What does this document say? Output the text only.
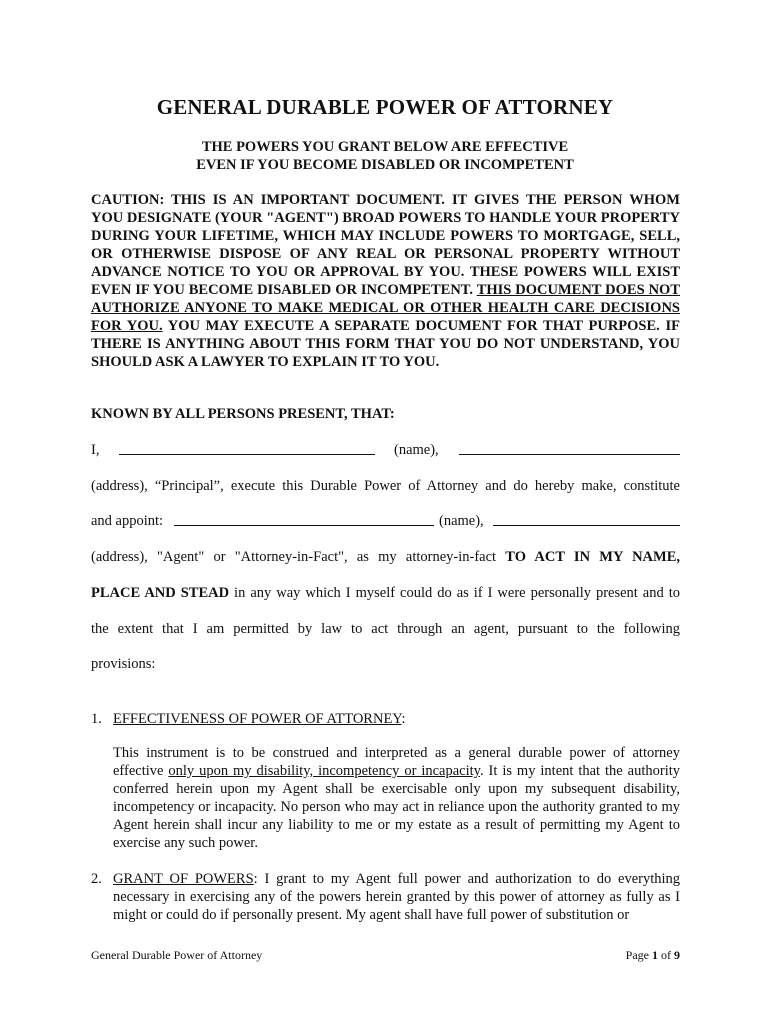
GENERAL DURABLE POWER OF ATTORNEY
THE POWERS YOU GRANT BELOW ARE EFFECTIVE
EVEN IF YOU BECOME DISABLED OR INCOMPETENT
CAUTION: THIS IS AN IMPORTANT DOCUMENT. IT GIVES THE PERSON WHOM YOU DESIGNATE (YOUR "AGENT") BROAD POWERS TO HANDLE YOUR PROPERTY DURING YOUR LIFETIME, WHICH MAY INCLUDE POWERS TO MORTGAGE, SELL, OR OTHERWISE DISPOSE OF ANY REAL OR PERSONAL PROPERTY WITHOUT ADVANCE NOTICE TO YOU OR APPROVAL BY YOU. THESE POWERS WILL EXIST EVEN IF YOU BECOME DISABLED OR INCOMPETENT. THIS DOCUMENT DOES NOT AUTHORIZE ANYONE TO MAKE MEDICAL OR OTHER HEALTH CARE DECISIONS FOR YOU. YOU MAY EXECUTE A SEPARATE DOCUMENT FOR THAT PURPOSE. IF THERE IS ANYTHING ABOUT THIS FORM THAT YOU DO NOT UNDERSTAND, YOU SHOULD ASK A LAWYER TO EXPLAIN IT TO YOU.
KNOWN BY ALL PERSONS PRESENT, THAT:
I,	(name),
(address), “Principal”, execute this Durable Power of Attorney and do hereby make, constitute
and appoint:	(name),
(address), "Agent" or "Attorney-in-Fact", as my attorney-in-fact TO ACT IN MY NAME,
PLACE AND STEAD in any way which I myself could do as if I were personally present and to
the extent that I am permitted by law to act through an agent, pursuant to the following
provisions:
1. EFFECTIVENESS OF POWER OF ATTORNEY:
This instrument is to be construed and interpreted as a general durable power of attorney effective only upon my disability, incompetency or incapacity. It is my intent that the authority conferred herein upon my Agent shall be exercisable only upon my subsequent disability, incompetency or incapacity. No person who may act in reliance upon the authority granted to my Agent herein shall incur any liability to me or my estate as a result of permitting my Agent to exercise any such power.
2. GRANT OF POWERS: I grant to my Agent full power and authorization to do everything necessary in exercising any of the powers herein granted by this power of attorney as fully as I might or could do if personally present. My agent shall have full power of substitution or
General Durable Power of Attorney	Page 1 of 9
